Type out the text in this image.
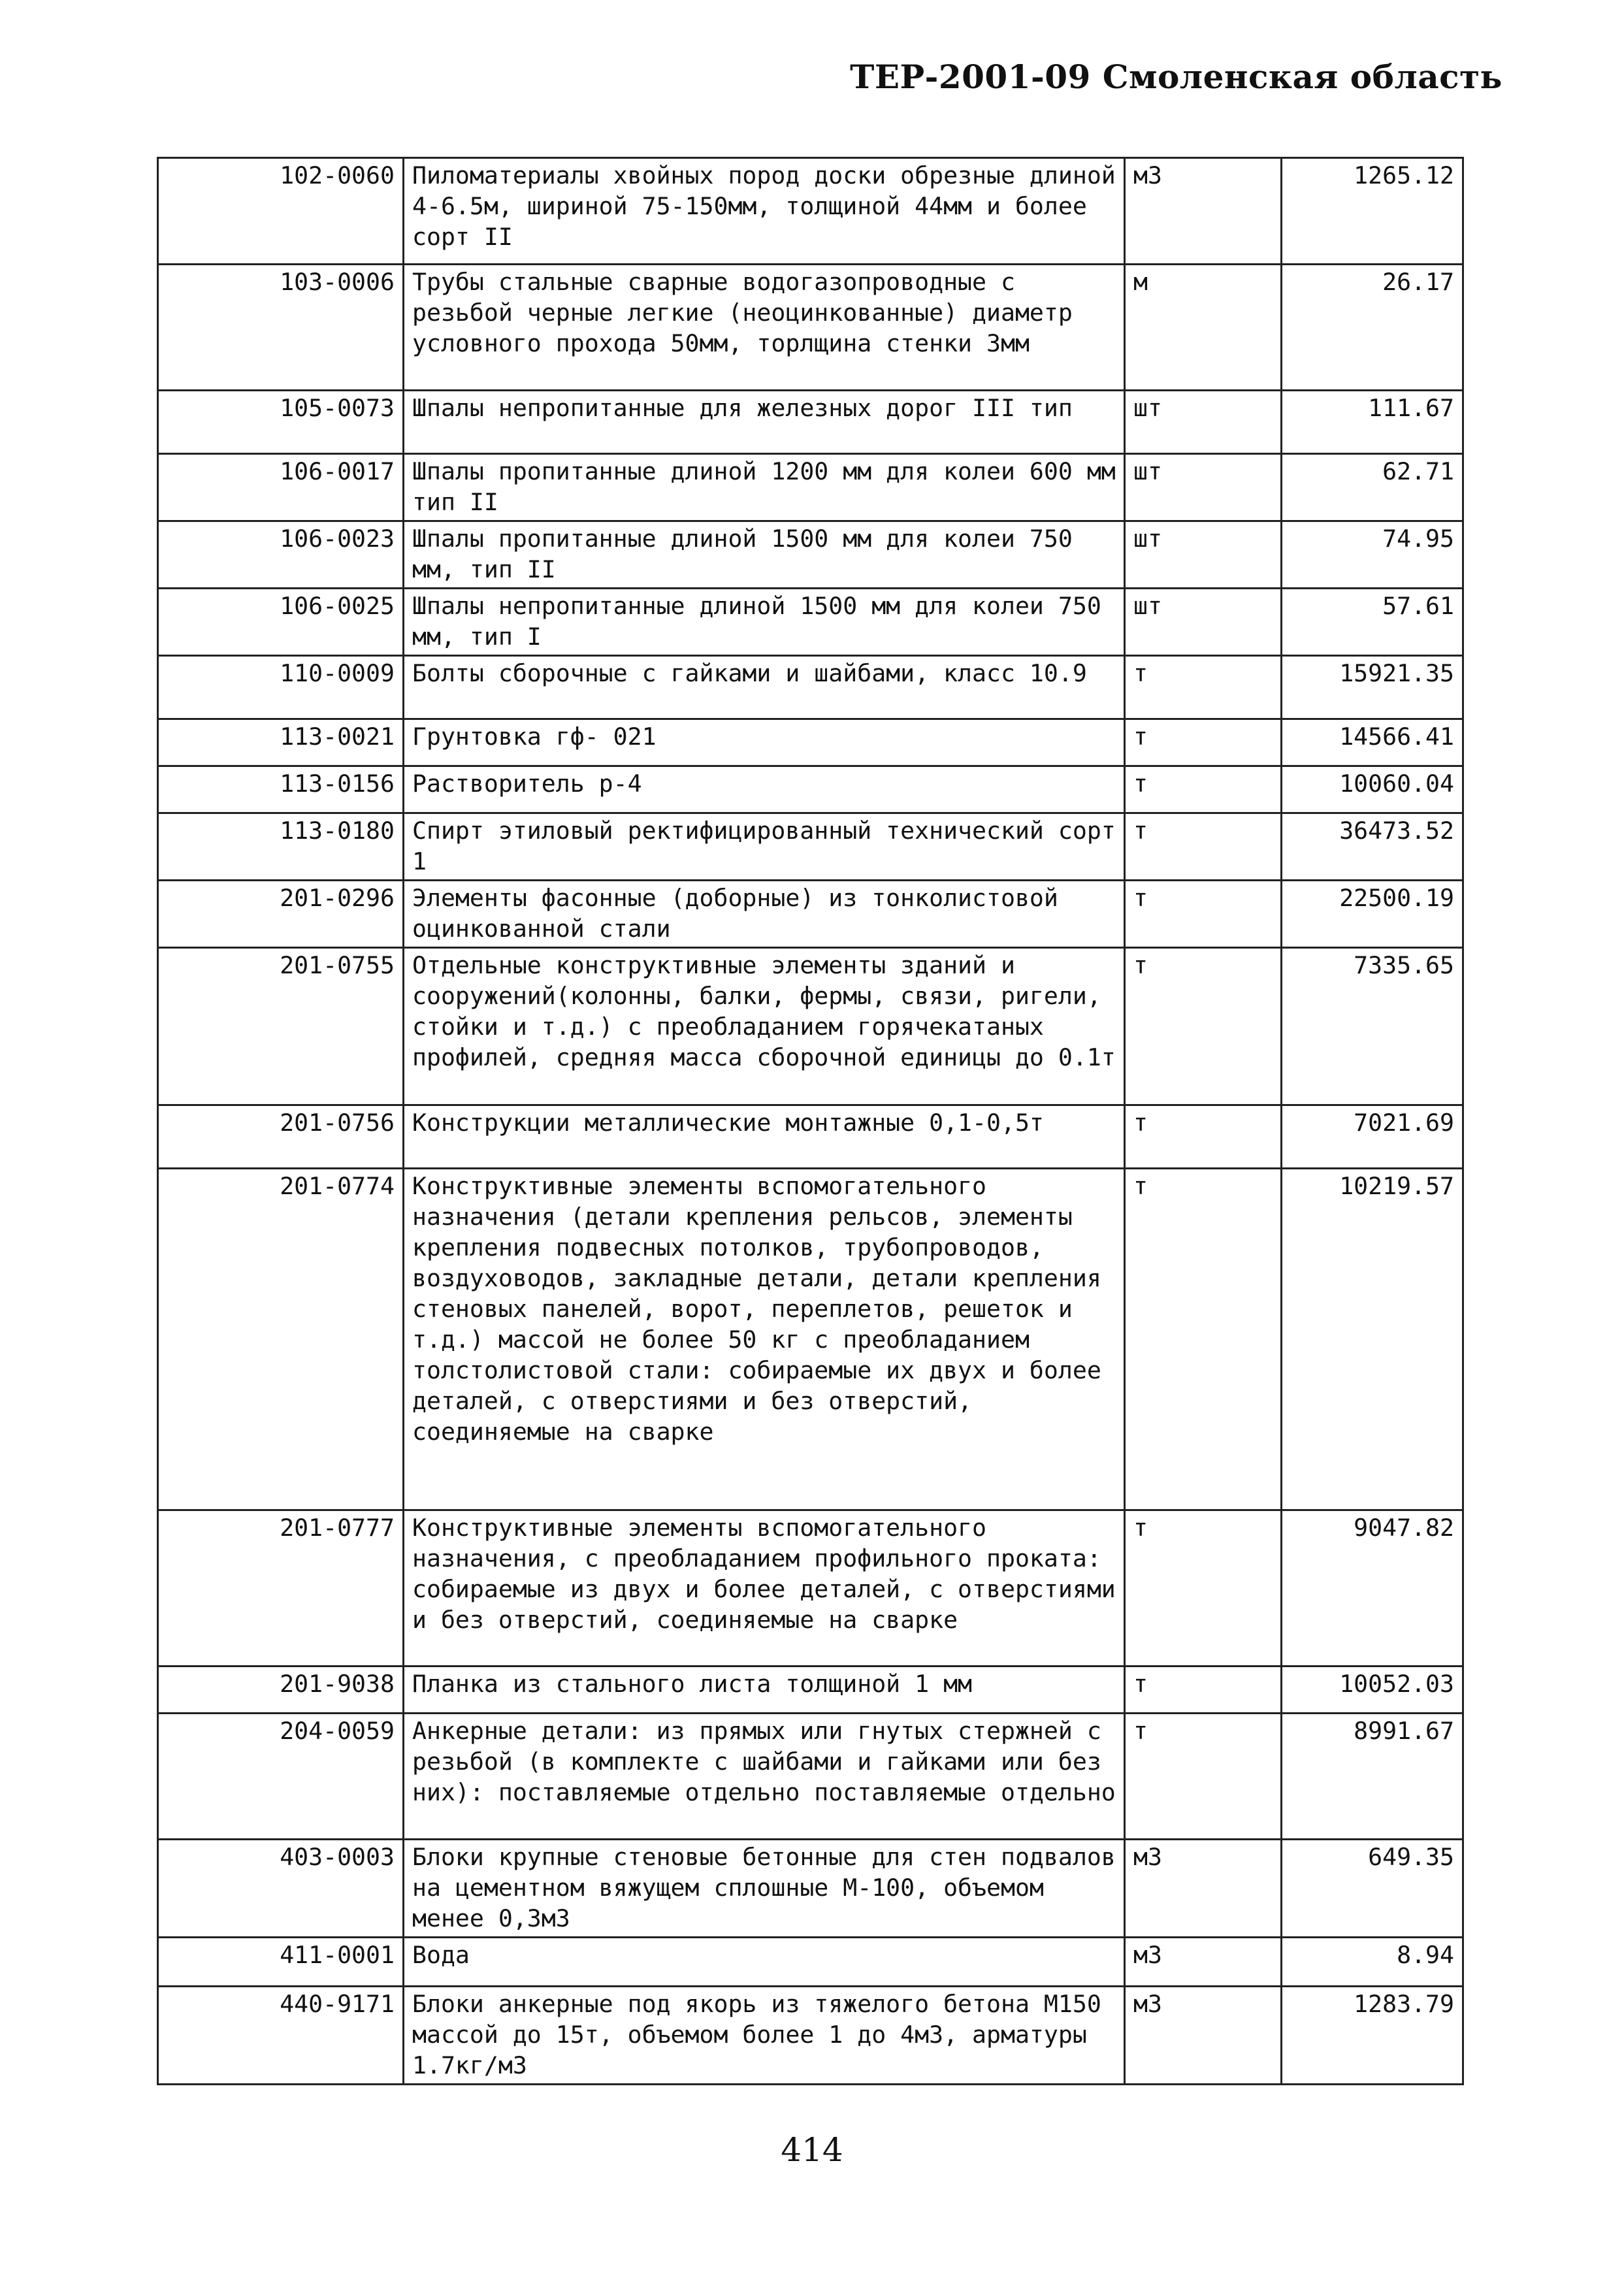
ТЕР-2001-09 Смоленская область
102-0060	Пиломатериалы хвойных пород доски обрезные длиной 4-6.5м, шириной 75-150мм, толщиной 44мм и более сорт II	м3	1265.12
103-0006	Трубы стальные сварные водогазопроводные с резьбой черные легкие (неоцинкованные) диаметр условного прохода 50мм, торлщина стенки 3мм	м	26.17
105-0073	Шпалы непропитанные для железных дорог III тип	шт	111.67
106-0017	Шпалы пропитанные длиной 1200 мм для колеи 600 мм тип II	шт	62.71
106-0023	Шпалы пропитанные длиной 1500 мм для колеи 750 мм, тип II	шт	74.95
106-0025	Шпалы непропитанные длиной 1500 мм для колеи 750 мм, тип I	шт	57.61
110-0009	Болты сборочные с гайками и шайбами, класс 10.9	т	15921.35
113-0021	Грунтовка гф- 021	т	14566.41
113-0156	Растворитель р-4	т	10060.04
113-0180	Спирт этиловый ректифицированный технический сорт 1	т	36473.52
201-0296	Элементы фасонные (доборные) из тонколистовой оцинкованной стали	т	22500.19
201-0755	Отдельные конструктивные элементы зданий и сооружений(колонны, балки, фермы, связи, ригели, стойки и т.д.) с преобладанием горячекатаных профилей, средняя масса сборочной единицы до 0.1т	т	7335.65
201-0756	Конструкции металлические монтажные 0,1-0,5т	т	7021.69
201-0774	Конструктивные элементы вспомогательного назначения (детали крепления рельсов, элементы крепления подвесных потолков, трубопроводов, воздуховодов, закладные детали, детали крепления стеновых панелей, ворот, переплетов, решеток и т.д.) массой не более 50 кг с преобладанием толстолистовой стали: собираемые их двух и более деталей, с отверстиями и без отверстий, соединяемые на сварке	т	10219.57
201-0777	Конструктивные элементы вспомогательного назначения, с преобладанием профильного проката: собираемые из двух и более деталей, с отверстиями и без отверстий, соединяемые на сварке	т	9047.82
201-9038	Планка из стального листа толщиной 1 мм	т	10052.03
204-0059	Анкерные детали: из прямых или гнутых стержней с резьбой (в комплекте с шайбами и гайками или без них): поставляемые отдельно поставляемые отдельно	т	8991.67
403-0003	Блоки крупные стеновые бетонные для стен подвалов на цементном вяжущем сплошные М-100, объемом менее 0,3м3	м3	649.35
411-0001	Вода	м3	8.94
440-9171	Блоки анкерные под якорь из тяжелого бетона М150 массой до 15т, объемом более 1 до 4м3, арматуры 1.7кг/м3	м3	1283.79
414
